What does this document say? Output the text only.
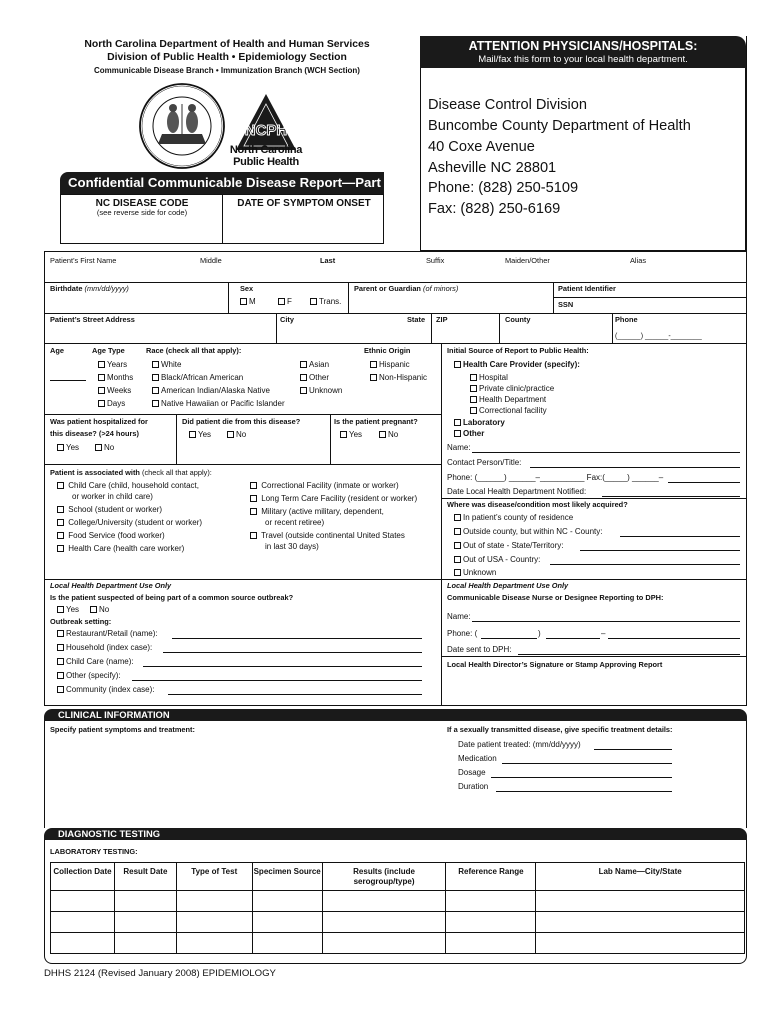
North Carolina Department of Health and Human Services
Division of Public Health • Epidemiology Section
Communicable Disease Branch • Immunization Branch (WCH Section)
ATTENTION PHYSICIANS/HOSPITALS:
Mail/fax this form to your local health department.
Disease Control Division
Buncombe County Department of Health
40 Coxe Avenue
Asheville NC 28801
Phone: (828) 250-5109
Fax: (828) 250-6169
NCPH
North Carolina
Public Health
Confidential Communicable Disease Report—Part 1
NC DISEASE CODE
(see reverse side for code)
DATE OF SYMPTOM ONSET
Patient’s First Name	Middle	Last	Suffix	Maiden/Other	Alias
Birthdate (mm/dd/yyyy)	Sex
M	F	Trans.
Parent or Guardian (of minors)	Patient Identifier
SSN
Patient’s Street Address	City	State ZIP	County	Phone
(______) ______-________
Age	Age Type
Years
Months
Weeks
Days
Race (check all that apply):
White
Black/African American
American Indian/Alaska Native
Native Hawaiian or Pacific Islander
Asian
Other
Unknown
Ethnic Origin
Hispanic
Non-Hispanic
Initial Source of Report to Public Health:
Health Care Provider (specify):
Hospital
Private clinic/practice
Health Department
Correctional facility
Laboratory
Other
Name:
Contact Person/Title:
Phone: (______) ______–__________ Fax:(_____) ______–
Date Local Health Department Notified:
Was patient hospitalized for
this disease? (>24 hours)
Yes	No
Did patient die from this disease?
Yes	No
Is the patient pregnant?
Yes	No
Patient is associated with (check all that apply):
Child Care (child, household contact,
or worker in child care)
School (student or worker)
College/University (student or worker)
Food Service (food worker)
Health Care (health care worker)
Correctional Facility (inmate or worker)
Long Term Care Facility (resident or worker)
Military (active military, dependent,
or recent retiree)
Travel (outside continental United States
in last 30 days)
Where was disease/condition most likely acquired?
In patient’s county of residence
Outside county, but within NC - County:
Out of state - State/Territory:
Out of USA - Country:
Unknown
Local Health Department Use Only
Is the patient suspected of being part of a common source outbreak?
Yes	No
Outbreak setting:
Restaurant/Retail (name):
Household (index case):
Child Care (name):
Other (specify):
Community (index case):
Local Health Department Use Only
Communicable Disease Nurse or Designee Reporting to DPH:
Name:
Phone: (	)	–
Date sent to DPH:
Local Health Director’s Signature or Stamp Approving Report
CLINICAL INFORMATION
Specify patient symptoms and treatment:	If a sexually transmitted disease, give specific treatment details:
Date patient treated: (mm/dd/yyyy)
Medication
Dosage
Duration
DIAGNOSTIC TESTING
LABORATORY TESTING:
Collection Date	Result Date	Type of Test	Specimen Source	Results (include serogroup/type)	Reference Range	Lab Name—City/State

DHHS 2124 (Revised January 2008) EPIDEMIOLOGY
